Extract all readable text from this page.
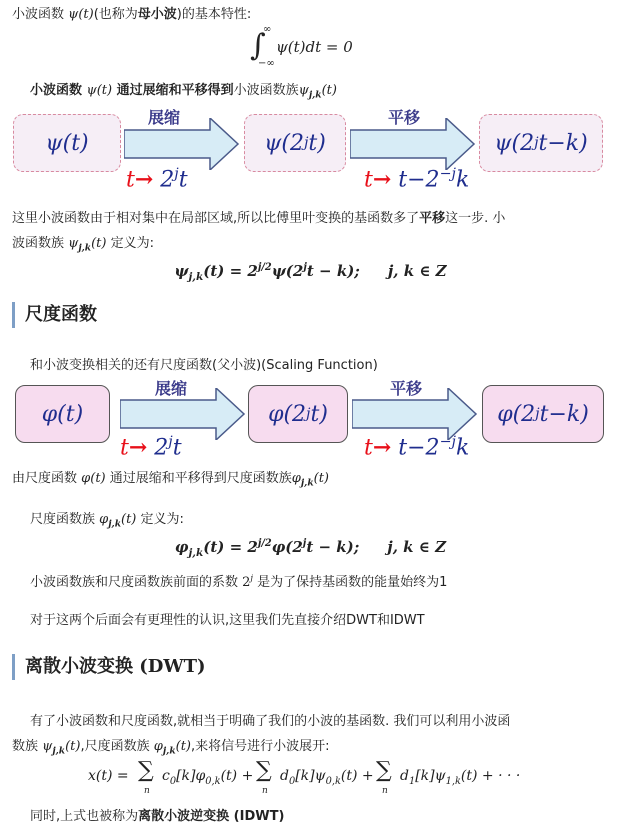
小波函数 ψ(t)(也称为母小波)的基本特性:
∫
∞
−∞
ψ(t)dt = 0
小波函数 ψ(t) 通过展缩和平移得到小波函数族$\psi_{j,k}(t)$
ψ(t)
展缩
ψ(2 j t)
平移
ψ(2 j t−k)
$t\to 2^jt$	$t\to t-2^{-j}k$
这里小波函数由于相对集中在局部区域,所以比傅里叶变换的基函数多了平移这一步. 小
波函数族 $\psi_{j,k}(t)$ 定义为:
$\psi_{j,k}(t) = 2^{j/2}\psi(2^jt - k)$; j, k ∈ Z
尺度函数
和小波变换相关的还有尺度函数(父小波)(Scaling Function)
φ(t)
展缩
φ(2 j t)
平移
φ(2 j t−k)
$t\to 2^jt$	$t\to t-2^{-j}k$
由尺度函数 φ(t) 通过展缩和平移得到尺度函数族$\varphi_{j,k}(t)$
尺度函数族 $\varphi_{j,k}(t)$ 定义为:
$\varphi_{j,k}(t) = 2^{j/2}\varphi(2^jt - k)$; j, k ∈ Z
小波函数族和尺度函数族前面的系数 2$^j$ 是为了保持基函数的能量始终为1
对于这两个后面会有更理性的认识,这里我们先直接介绍DWT和IDWT
离散小波变换 (DWT)
有了小波函数和尺度函数,就相当于明确了我们的小波的基函数. 我们可以利用小波函
数族 $\psi_{j,k}(t)$,尺度函数族 $\varphi_{j,k}(t)$,来将信号进行小波展开:
x(t) = ∑
n
$c_0[k]\varphi_{0,k}(t)$ + ∑
n
$d_0[k]\psi_{0,k}(t)$ + ∑
n
$d_1[k]\psi_{1,k}(t)$ + · · ·
同时,上式也被称为离散小波逆变换 (IDWT)
